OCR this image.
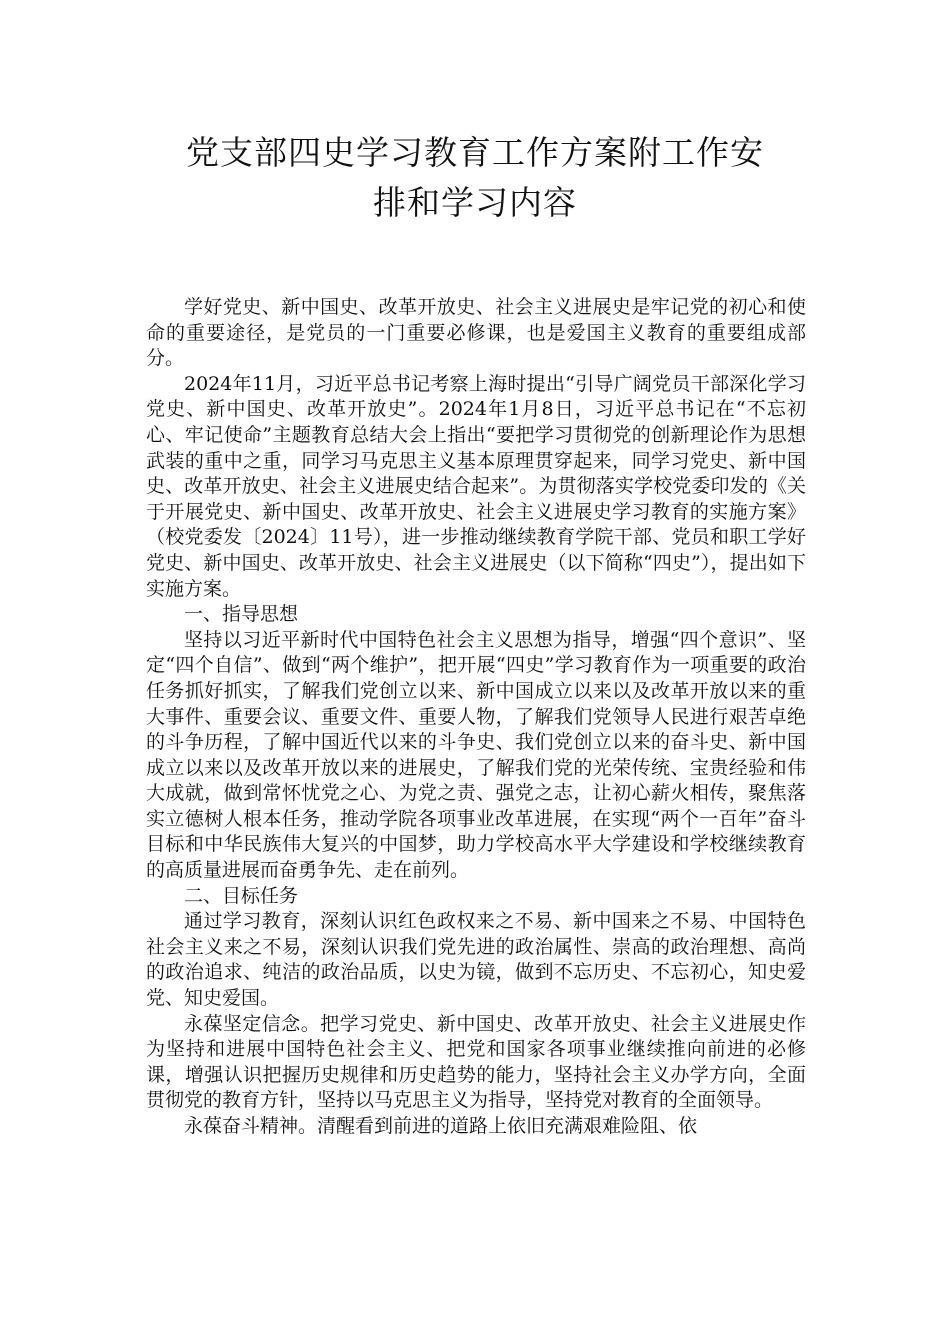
党支部四史学习教育工作方案附工作安
排和学习内容

学好党史、新中国史、改革开放史、社会主义进展史是牢记党的初心和使命的重要途径，是党员的一门重要必修课，也是爱国主义教育的重要组成部分。

2024年11月，习近平总书记考察上海时提出“引导广阔党员干部深化学习党史、新中国史、改革开放史”。2024年1月8日，习近平总书记在“不忘初心、牢记使命”主题教育总结大会上指出“要把学习贯彻党的创新理论作为思想武装的重中之重，同学习马克思主义基本原理贯穿起来，同学习党史、新中国史、改革开放史、社会主义进展史结合起来”。为贯彻落实学校党委印发的《关于开展党史、新中国史、改革开放史、社会主义进展史学习教育的实施方案》（校党委发〔2024〕11号），进一步推动继续教育学院干部、党员和职工学好党史、新中国史、改革开放史、社会主义进展史（以下简称“四史”），提出如下实施方案。

一、指导思想

坚持以习近平新时代中国特色社会主义思想为指导，增强“四个意识”、坚定“四个自信”、做到“两个维护”，把开展“四史”学习教育作为一项重要的政治任务抓好抓实，了解我们党创立以来、新中国成立以来以及改革开放以来的重大事件、重要会议、重要文件、重要人物，了解我们党领导人民进行艰苦卓绝的斗争历程，了解中国近代以来的斗争史、我们党创立以来的奋斗史、新中国成立以来以及改革开放以来的进展史，了解我们党的光荣传统、宝贵经验和伟大成就，做到常怀忧党之心、为党之责、强党之志，让初心薪火相传，聚焦落实立德树人根本任务，推动学院各项事业改革进展，在实现“两个一百年”奋斗目标和中华民族伟大复兴的中国梦，助力学校高水平大学建设和学校继续教育的高质量进展而奋勇争先、走在前列。

二、目标任务

通过学习教育，深刻认识红色政权来之不易、新中国来之不易、中国特色社会主义来之不易，深刻认识我们党先进的政治属性、崇高的政治理想、高尚的政治追求、纯洁的政治品质，以史为镜，做到不忘历史、不忘初心，知史爱党、知史爱国。

永葆坚定信念。把学习党史、新中国史、改革开放史、社会主义进展史作为坚持和进展中国特色社会主义、把党和国家各项事业继续推向前进的必修课，增强认识把握历史规律和历史趋势的能力，坚持社会主义办学方向，全面贯彻党的教育方针，坚持以马克思主义为指导，坚持党对教育的全面领导。

永葆奋斗精神。清醒看到前进的道路上依旧充满艰难险阻、依
